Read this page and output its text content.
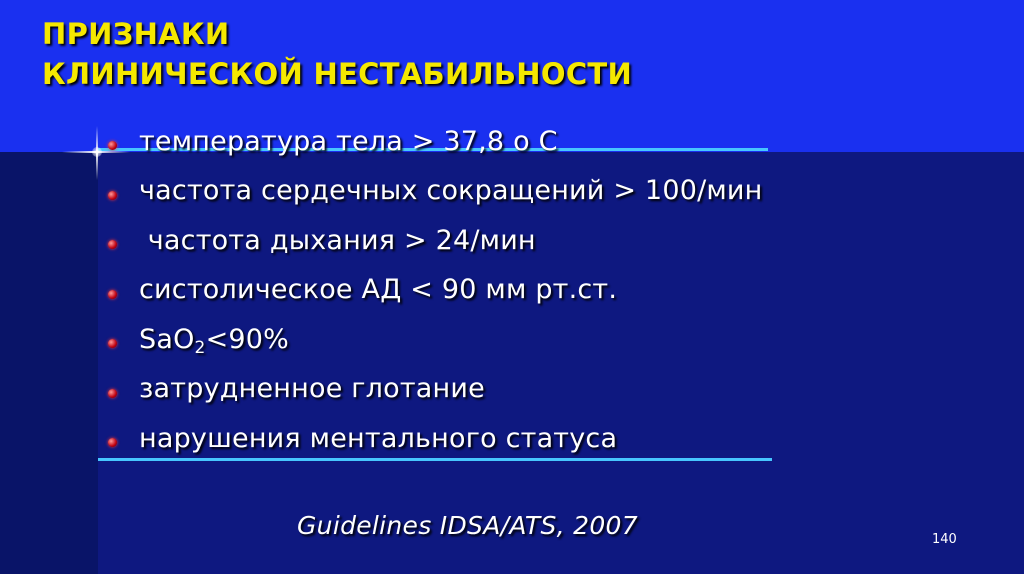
ПРИЗНАКИ
КЛИНИЧЕСКОЙ НЕСТАБИЛЬНОСТИ
температура тела > 37,8 о С
частота сердечных сокращений > 100/мин
частота дыхания > 24/мин
систолическое АД < 90 мм рт.ст.
SaO$_2$<90%
затрудненное глотание
нарушения ментального статуса
Guidelines IDSA/ATS, 2007	140
